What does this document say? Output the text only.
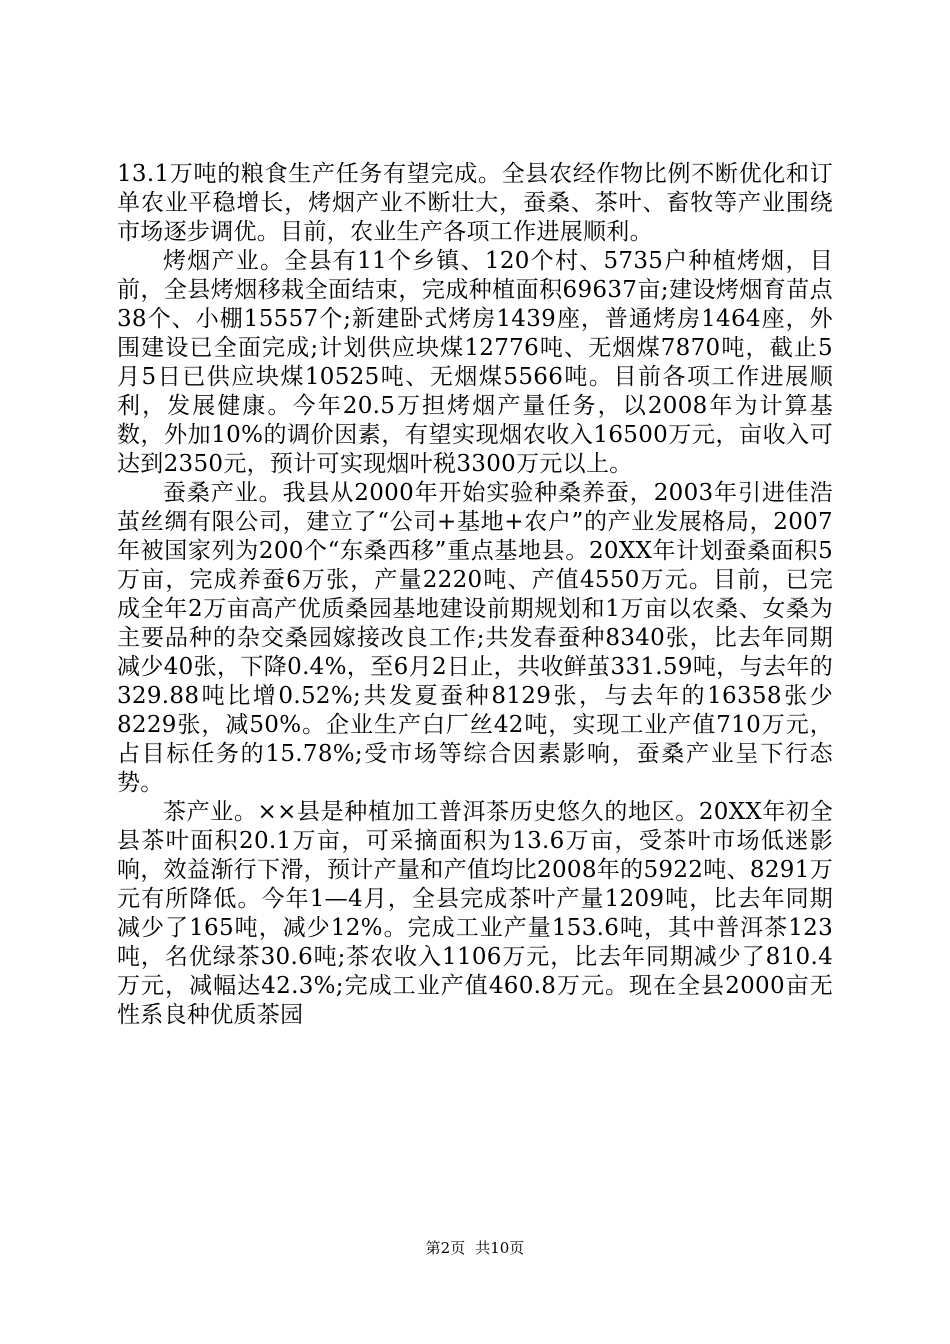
13.1万吨的粮食生产任务有望完成。全县农经作物比例不断优化和订单农业平稳增长，烤烟产业不断壮大，蚕桑、茶叶、畜牧等产业围绕市场逐步调优。目前，农业生产各项工作进展顺利。

烤烟产业。全县有11个乡镇、120个村、5735户种植烤烟，目前，全县烤烟移栽全面结束，完成种植面积69637亩;建设烤烟育苗点38个、小棚15557个;新建卧式烤房1439座，普通烤房1464座，外围建设已全面完成;计划供应块煤12776吨、无烟煤7870吨，截止5月5日已供应块煤10525吨、无烟煤5566吨。目前各项工作进展顺利，发展健康。今年20.5万担烤烟产量任务，以2008年为计算基数，外加10%的调价因素，有望实现烟农收入16500万元，亩收入可达到2350元，预计可实现烟叶税3300万元以上。

蚕桑产业。我县从2000年开始实验种桑养蚕，2003年引进佳浩茧丝绸有限公司，建立了“公司+基地+农户”的产业发展格局，2007年被国家列为200个“东桑西移”重点基地县。20XX年计划蚕桑面积5万亩，完成养蚕6万张，产量2220吨、产值4550万元。目前，已完成全年2万亩高产优质桑园基地建设前期规划和1万亩以农桑、女桑为主要品种的杂交桑园嫁接改良工作;共发春蚕种8340张，比去年同期减少40张，下降0.4%，至6月2日止，共收鲜茧331.59吨，与去年的329.88吨比增0.52%;共发夏蚕种8129张，与去年的16358张少8229张，减50%。企业生产白厂丝42吨，实现工业产值710万元，占目标任务的15.78%;受市场等综合因素影响，蚕桑产业呈下行态势。

茶产业。××县是种植加工普洱茶历史悠久的地区。20XX年初全县茶叶面积20.1万亩，可采摘面积为13.6万亩，受茶叶市场低迷影响，效益渐行下滑，预计产量和产值均比2008年的5922吨、8291万元有所降低。今年1—4月，全县完成茶叶产量1209吨，比去年同期减少了165吨，减少12%。完成工业产量153.6吨，其中普洱茶123吨，名优绿茶30.6吨;茶农收入1106万元，比去年同期减少了810.4万元，减幅达42.3%;完成工业产值460.8万元。现在全县2000亩无性系良种优质茶园

第2页 共10页
